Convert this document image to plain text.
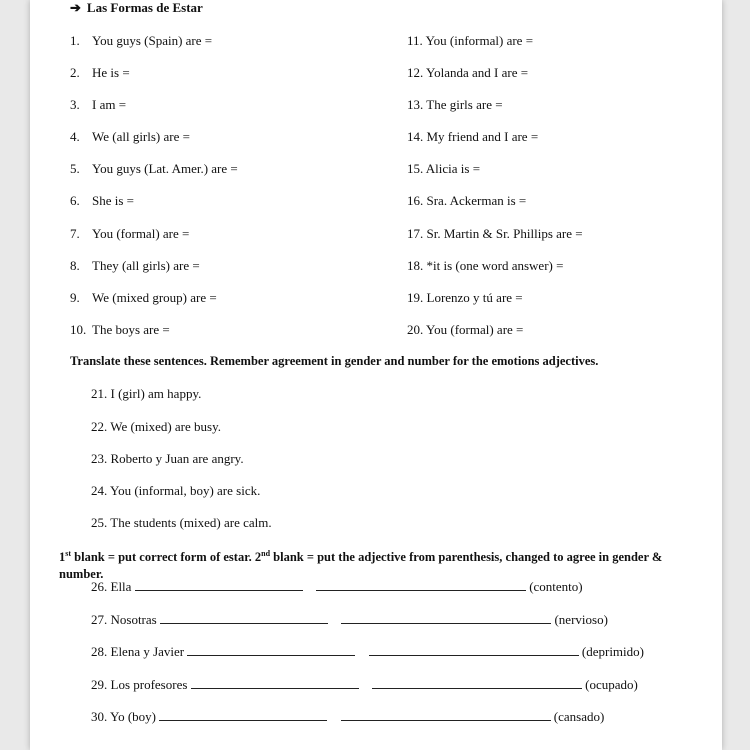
➔ Las Formas de Estar
1. You guys (Spain) are =
2. He is =
3. I am =
4. We (all girls) are =
5. You guys (Lat. Amer.) are =
6. She is =
7. You (formal) are =
8. They (all girls) are =
9. We (mixed group) are =
10. The boys are =
11. You (informal) are =
12. Yolanda and I are =
13. The girls are =
14. My friend and I are =
15. Alicia is =
16. Sra. Ackerman is =
17. Sr. Martin & Sr. Phillips are =
18. *it is (one word answer) =
19. Lorenzo y tú are =
20. You (formal) are =
Translate these sentences. Remember agreement in gender and number for the emotions adjectives.
21. I (girl) am happy.
22. We (mixed) are busy.
23. Roberto y Juan are angry.
24. You (informal, boy) are sick.
25. The students (mixed) are calm.
1st blank = put correct form of estar. 2nd blank = put the adjective from parenthesis, changed to agree in gender & number.
26. Ella	(contento)
27. Nosotras	(nervioso)
28. Elena y Javier	(deprimido)
29. Los profesores	(ocupado)
30. Yo (boy)	(cansado)
